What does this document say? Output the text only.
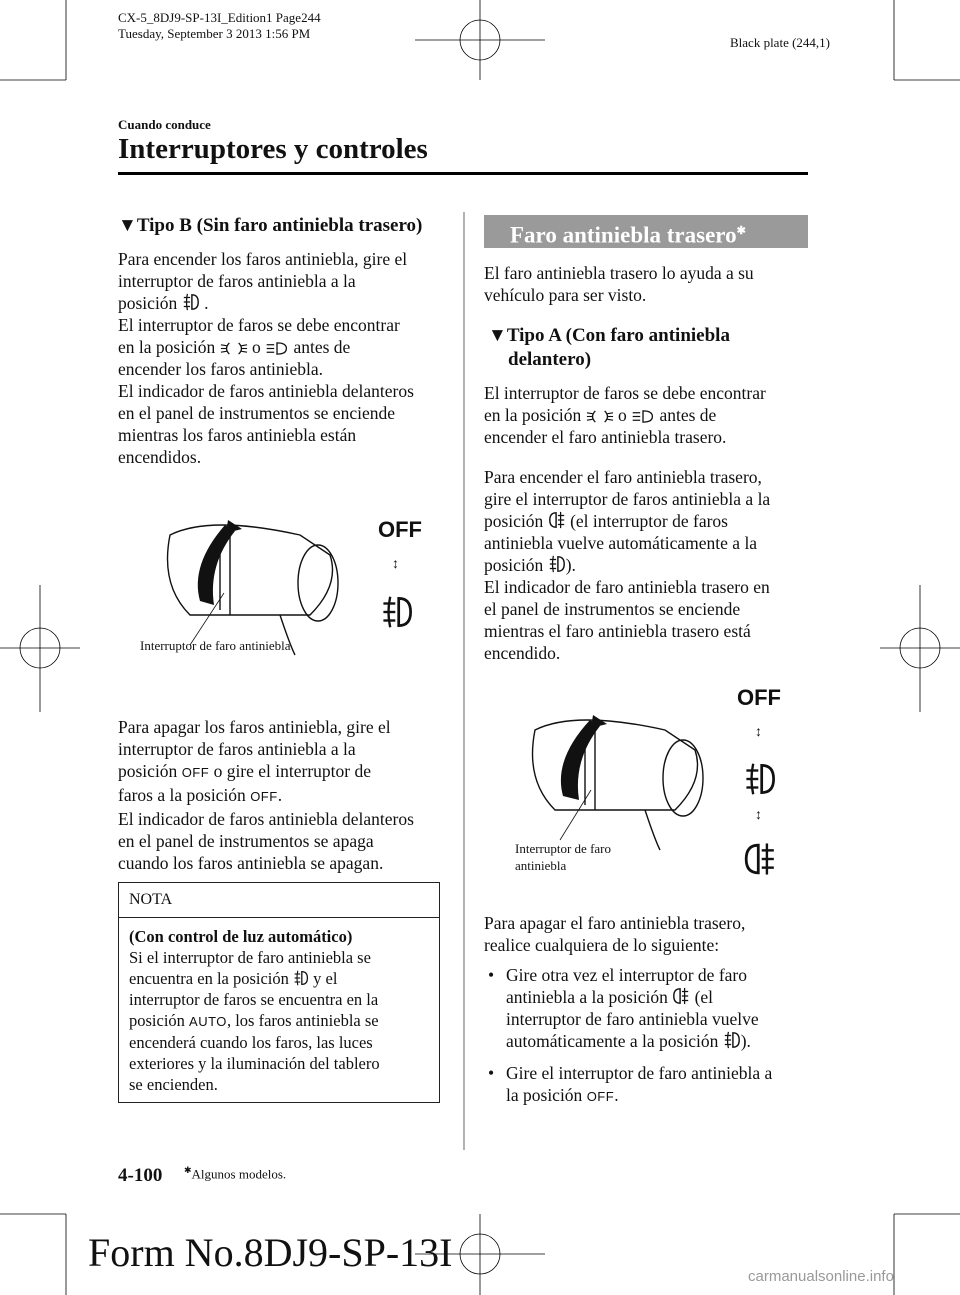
CX-5_8DJ9-SP-13I_Edition1 Page244
Tuesday, September 3 2013 1:56 PM
Black plate (244,1)
Cuando conduce
Interruptores y controles
▼Tipo B (Sin faro antiniebla trasero)
Para encender los faros antiniebla, gire el
interruptor de faros antiniebla a la
posición .
El interruptor de faros se debe encontrar
en la posición o antes de
encender los faros antiniebla.
El indicador de faros antiniebla delanteros
en el panel de instrumentos se enciende
mientras los faros antiniebla están
encendidos.
Interruptor de faro antiniebla
OFF
↕
Para apagar los faros antiniebla, gire el
interruptor de faros antiniebla a la
posición OFF o gire el interruptor de
faros a la posición OFF.
El indicador de faros antiniebla delanteros
en el panel de instrumentos se apaga
cuando los faros antiniebla se apagan.
NOTA
(Con control de luz automático)
Si el interruptor de faro antiniebla se
encuentra en la posición y el
interruptor de faros se encuentra en la
posición AUTO, los faros antiniebla se
encenderá cuando los faros, las luces
exteriores y la iluminación del tablero
se encienden.
Faro antiniebla trasero✱
El faro antiniebla trasero lo ayuda a su
vehículo para ser visto.
▼Tipo A (Con faro antiniebla
delantero)
El interruptor de faros se debe encontrar
en la posición o antes de
encender el faro antiniebla trasero.
Para encender el faro antiniebla trasero,
gire el interruptor de faros antiniebla a la
posición (el interruptor de faros
antiniebla vuelve automáticamente a la
posición ).
El indicador de faro antiniebla trasero en
el panel de instrumentos se enciende
mientras el faro antiniebla trasero está
encendido.
Interruptor de faro
antiniebla
OFF
↕
↕
Para apagar el faro antiniebla trasero,
realice cualquiera de lo siguiente:
• Gire otra vez el interruptor de faro
antiniebla a la posición (el
interruptor de faro antiniebla vuelve
automáticamente a la posición ).
• Gire el interruptor de faro antiniebla a
la posición OFF.
4-100 ✱Algunos modelos.
Form No.8DJ9-SP-13I
carmanualsonline.info
